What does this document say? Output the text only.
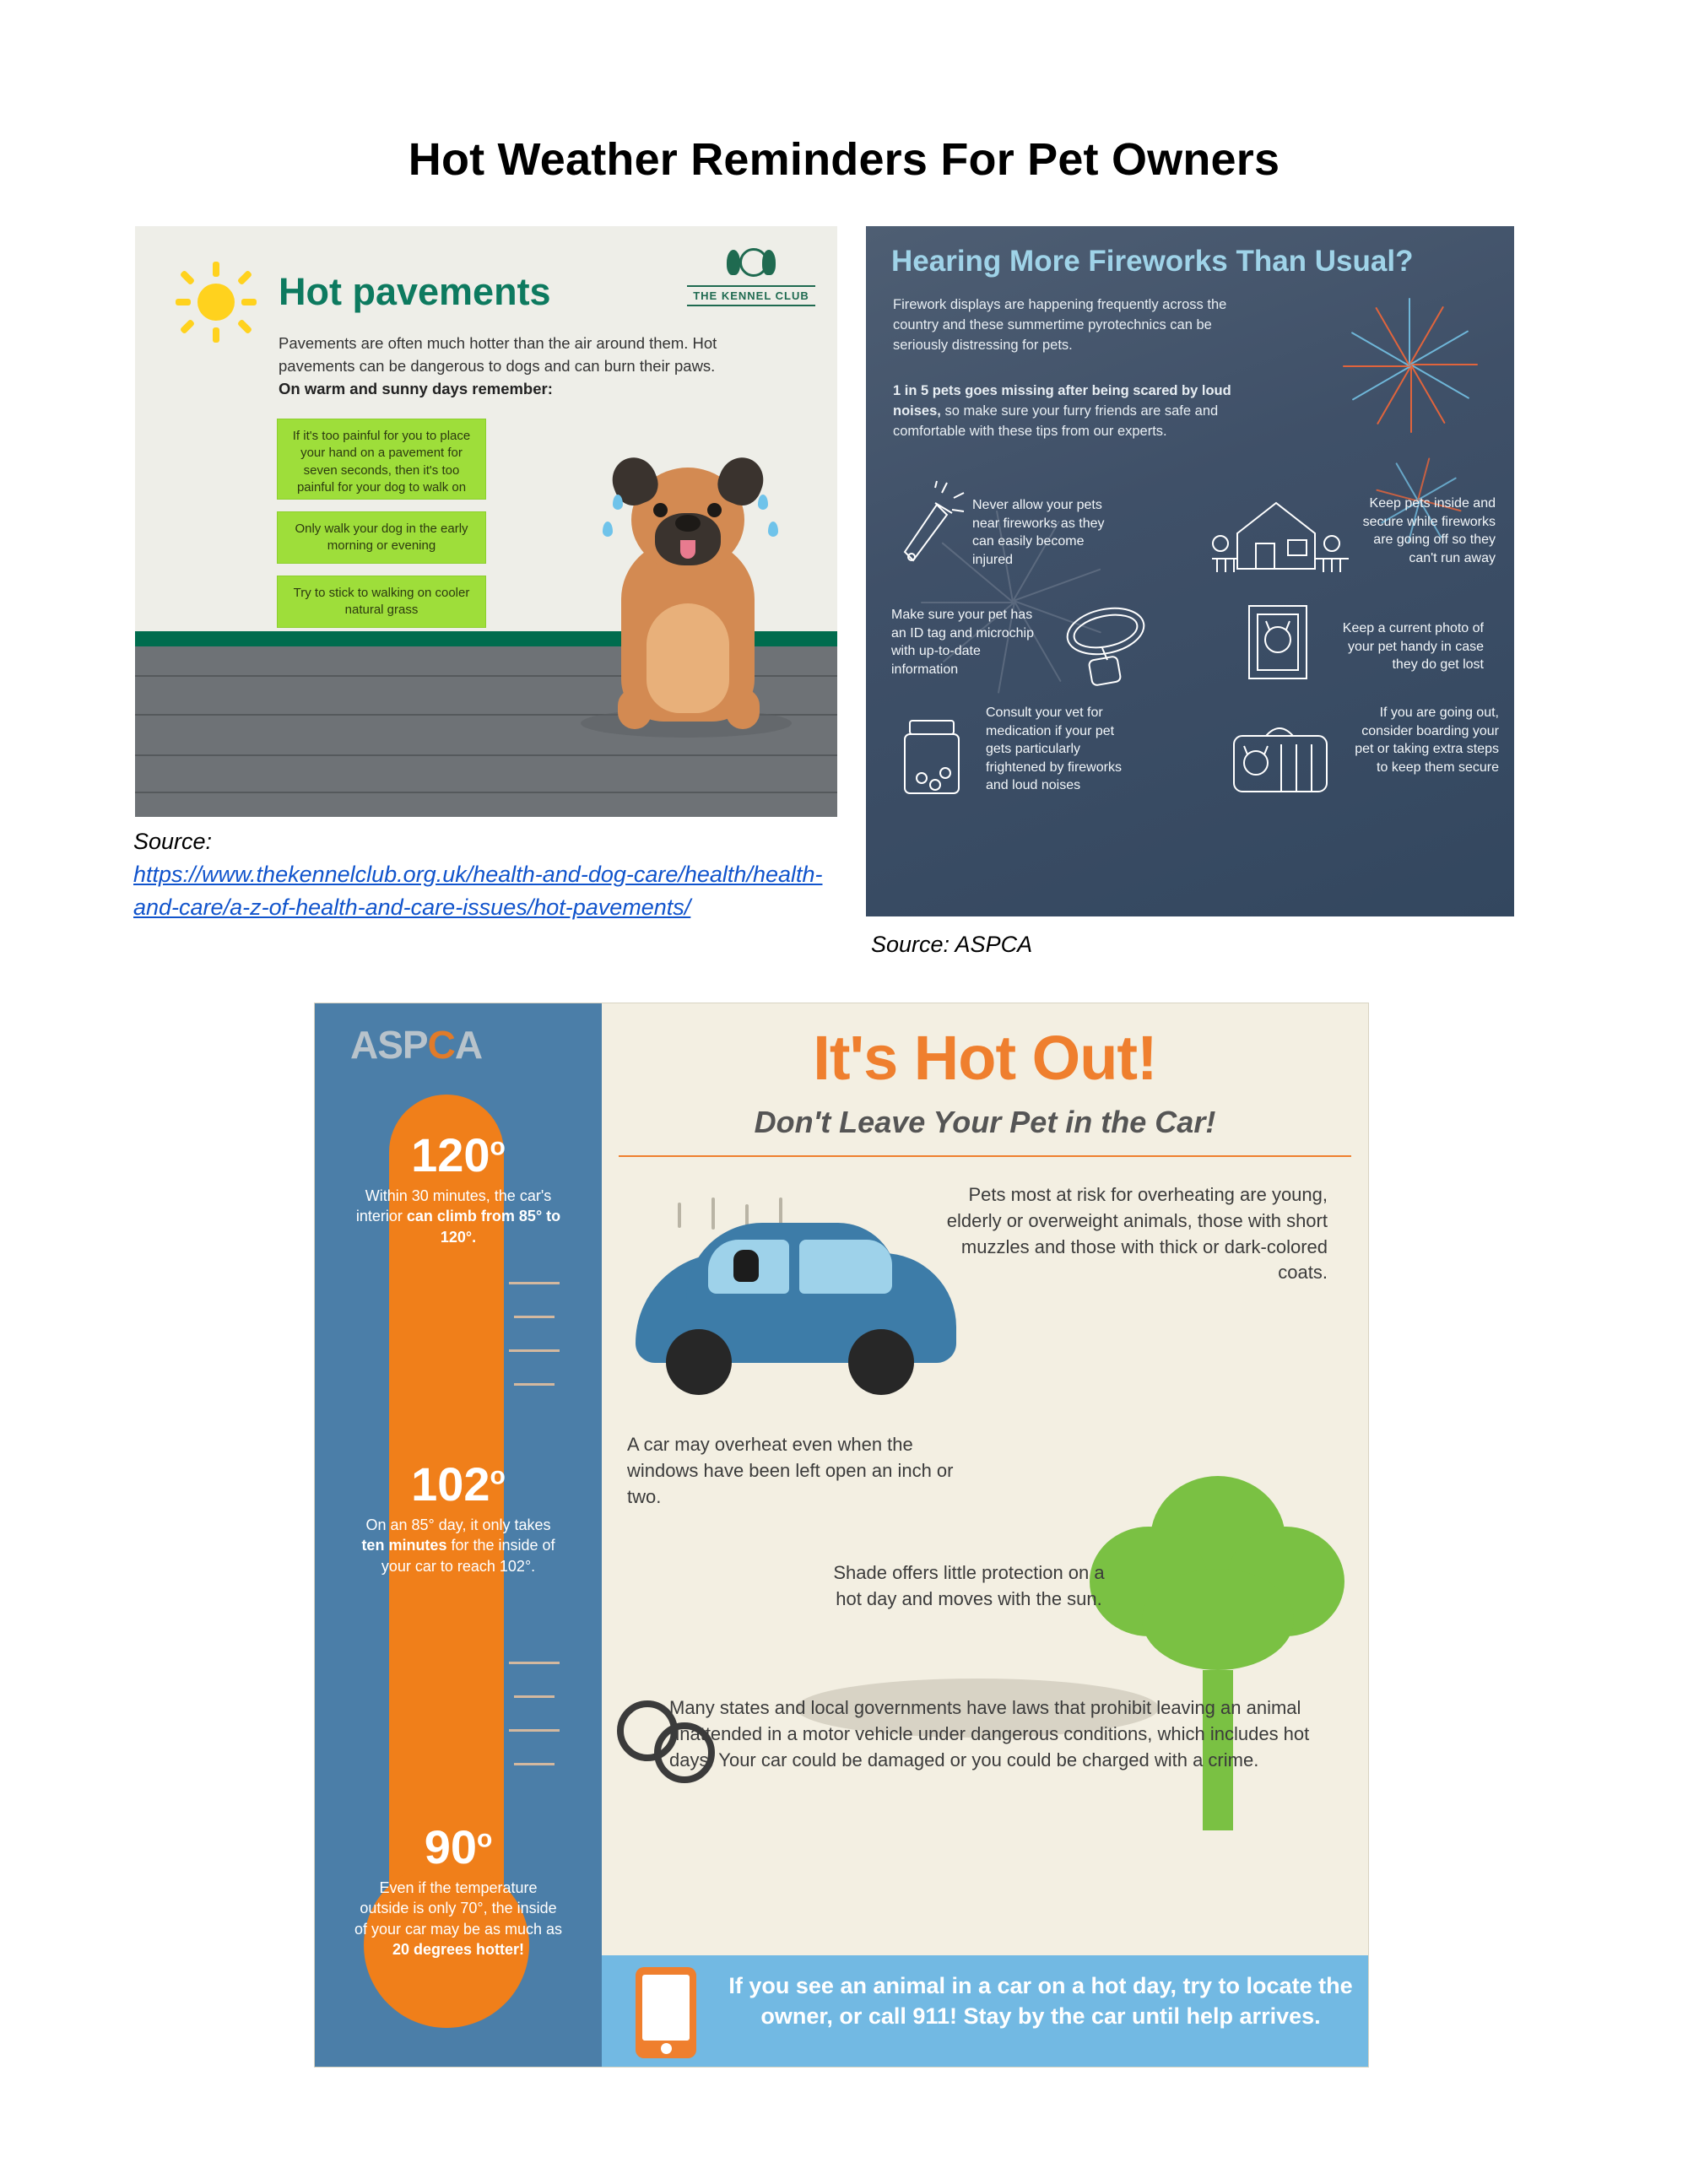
Hot Weather Reminders For Pet Owners
Hot pavements	THE KENNEL CLUB
Pavements are often much hotter than the air around them. Hot pavements can be dangerous to dogs and can burn their paws.
On warm and sunny days remember:
If it's too painful for you to place your hand on a pavement for seven seconds, then it's too painful for your dog to walk on
Only walk your dog in the early morning or evening
Try to stick to walking on cooler natural grass
Source:
https://www.thekennelclub.org.uk/health-and-dog-care/health/health-and-care/a-z-of-health-and-care-issues/hot-pavements/
Hearing More Fireworks Than Usual?
Firework displays are happening frequently across the country and these summertime pyrotechnics can be seriously distressing for pets.
1 in 5 pets goes missing after being scared by loud noises, so make sure your furry friends are safe and comfortable with these tips from our experts.
Never allow your pets near fireworks as they can easily become injured
Keep pets inside and secure while fireworks are going off so they can't run away
Make sure your pet has an ID tag and microchip with up-to-date information
Keep a current photo of your pet handy in case they do get lost
Consult your vet for medication if your pet gets particularly frightened by fireworks and loud noises
If you are going out, consider boarding your pet or taking extra steps to keep them secure
Source: ASPCA
ASPCA
120$^o$
Within 30 minutes, the car's interior can climb from 85° to 120°.
102$^o$
On an 85° day, it only takes ten minutes for the inside of your car to reach 102°.
90$^o$
Even if the temperature outside is only 70°, the inside of your car may be as much as 20 degrees hotter!
It's Hot Out!
Don't Leave Your Pet in the Car!
Pets most at risk for overheating are young, elderly or overweight animals, those with short muzzles and those with thick or dark-colored coats.
A car may overheat even when the windows have been left open an inch or two.
Shade offers little protection on a hot day and moves with the sun.
Many states and local governments have laws that prohibit leaving an animal unattended in a motor vehicle under dangerous conditions, which includes hot days. Your car could be damaged or you could be charged with a crime.
If you see an animal in a car on a hot day, try to locate the owner, or call 911! Stay by the car until help arrives.
